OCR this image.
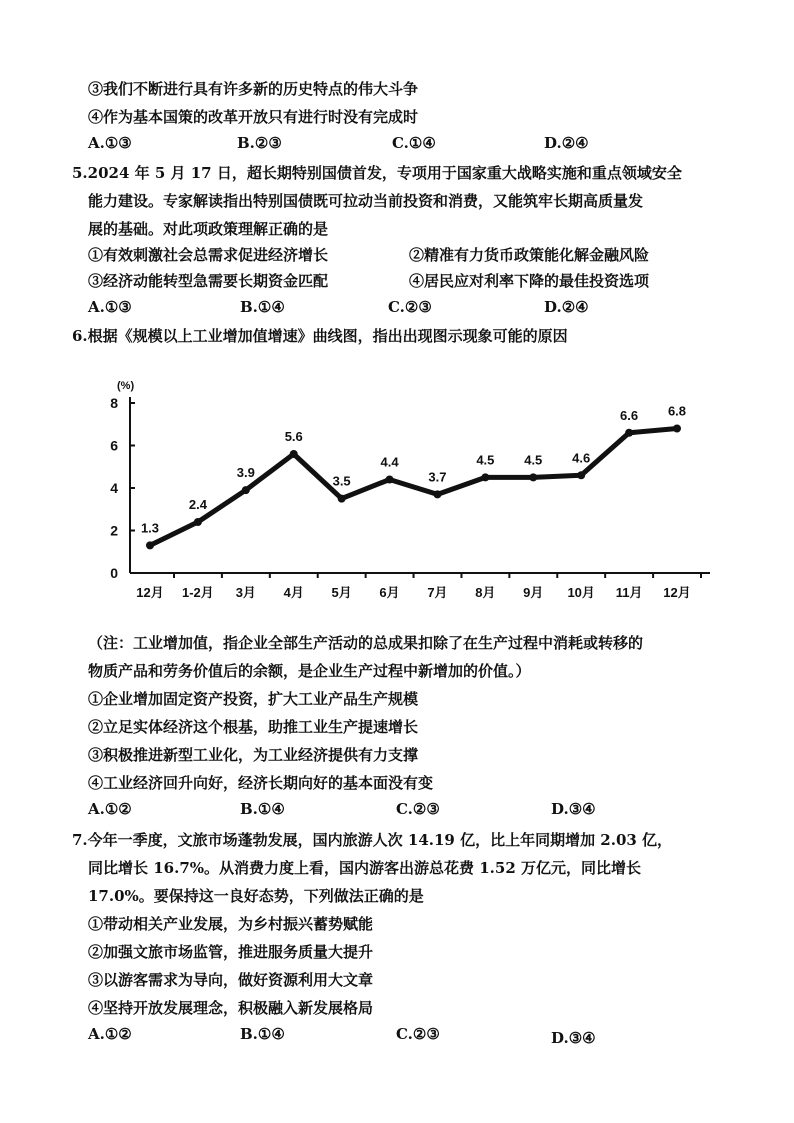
③我们不断进行具有许多新的历史特点的伟大斗争
④作为基本国策的改革开放只有进行时没有完成时
A.①③	B.②③	C.①④	D.②④
5.2024 年 5 月 17 日，超长期特别国债首发，专项用于国家重大战略实施和重点领域安全
能力建设。专家解读指出特别国债既可拉动当前投资和消费，又能筑牢长期高质量发
展的基础。对此项政策理解正确的是
①有效刺激社会总需求促进经济增长	②精准有力货币政策能化解金融风险
③经济动能转型急需要长期资金匹配	④居民应对利率下降的最佳投资选项
A.①③	B.①④	C.②③	D.②④
6.根据《规模以上工业增加值增速》曲线图，指出出现图示现象可能的原因
0
2
4
6
8
12月 1-2月 3月 4月 5月 6月 7月 8月 9月 10月 11月 12月
1.3
2.4
3.9
5.6
3.5
4.4
3.7
4.5 4.5 4.6
6.6 6.8
(%)
（注：工业增加值，指企业全部生产活动的总成果扣除了在生产过程中消耗或转移的
物质产品和劳务价值后的余额，是企业生产过程中新增加的价值。）
①企业增加固定资产投资，扩大工业产品生产规模
②立足实体经济这个根基，助推工业生产提速增长
③积极推进新型工业化，为工业经济提供有力支撑
④工业经济回升向好，经济长期向好的基本面没有变
A.①②	B.①④	C.②③	D.③④
7.今年一季度，文旅市场蓬勃发展，国内旅游人次 14.19 亿，比上年同期增加 2.03 亿，
同比增长 16.7%。从消费力度上看，国内游客出游总花费 1.52 万亿元，同比增长
17.0%。要保持这一良好态势，下列做法正确的是
①带动相关产业发展，为乡村振兴蓄势赋能
②加强文旅市场监管，推进服务质量大提升
③以游客需求为导向，做好资源利用大文章
④坚持开放发展理念，积极融入新发展格局
A.①②	B.①④	C.②③	D.③④
